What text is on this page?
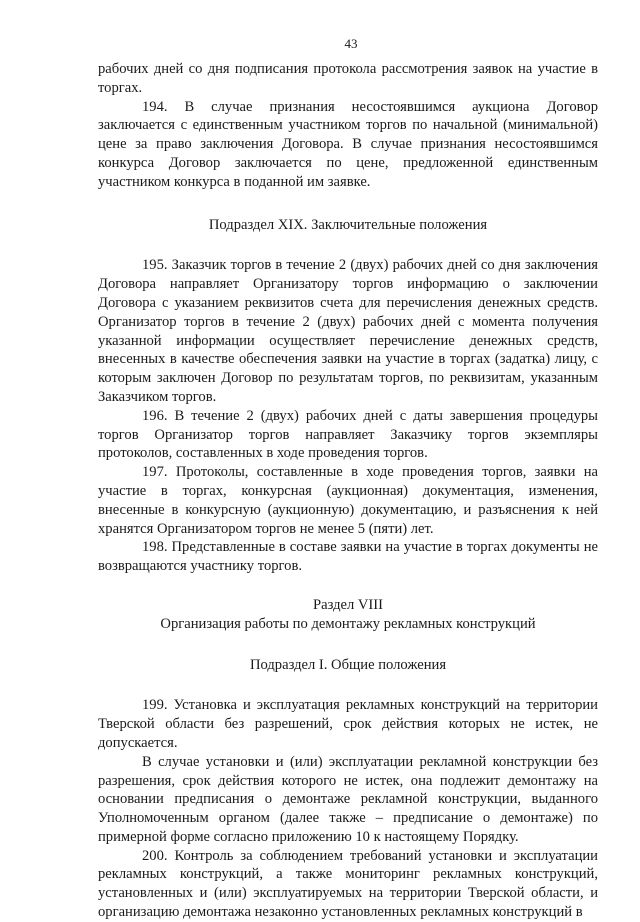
43

рабочих дней со дня подписания протокола рассмотрения заявок на участие в торгах.

194. В случае признания несостоявшимся аукциона Договор заключается с единственным участником торгов по начальной (минимальной) цене за право заключения Договора. В случае признания несостоявшимся конкурса Договор заключается по цене, предложенной единственным участником конкурса в поданной им заявке.

Подраздел XIX. Заключительные положения

195. Заказчик торгов в течение 2 (двух) рабочих дней со дня заключения Договора направляет Организатору торгов информацию о заключении Договора с указанием реквизитов счета для перечисления денежных средств. Организатор торгов в течение 2 (двух) рабочих дней с момента получения указанной информации осуществляет перечисление денежных средств, внесенных в качестве обеспечения заявки на участие в торгах (задатка) лицу, с которым заключен Договор по результатам торгов, по реквизитам, указанным Заказчиком торгов.

196. В течение 2 (двух) рабочих дней с даты завершения процедуры торгов Организатор торгов направляет Заказчику торгов экземпляры протоколов, составленных в ходе проведения торгов.

197. Протоколы, составленные в ходе проведения торгов, заявки на участие в торгах, конкурсная (аукционная) документация, изменения, внесенные в конкурсную (аукционную) документацию, и разъяснения к ней хранятся Организатором торгов не менее 5 (пяти) лет.

198. Представленные в составе заявки на участие в торгах документы не возвращаются участнику торгов.

Раздел VIII

Организация работы по демонтажу рекламных конструкций

Подраздел I. Общие положения

199. Установка и эксплуатация рекламных конструкций на территории Тверской области без разрешений, срок действия которых не истек, не допускается.

В случае установки и (или) эксплуатации рекламной конструкции без разрешения, срок действия которого не истек, она подлежит демонтажу на основании предписания о демонтаже рекламной конструкции, выданного Уполномоченным органом (далее также – предписание о демонтаже) по примерной форме согласно приложению 10 к настоящему Порядку.

200. Контроль за соблюдением требований установки и эксплуатации рекламных конструкций, а также мониторинг рекламных конструкций, установленных и (или) эксплуатируемых на территории Тверской области, и организацию демонтажа незаконно установленных рекламных конструкций в
